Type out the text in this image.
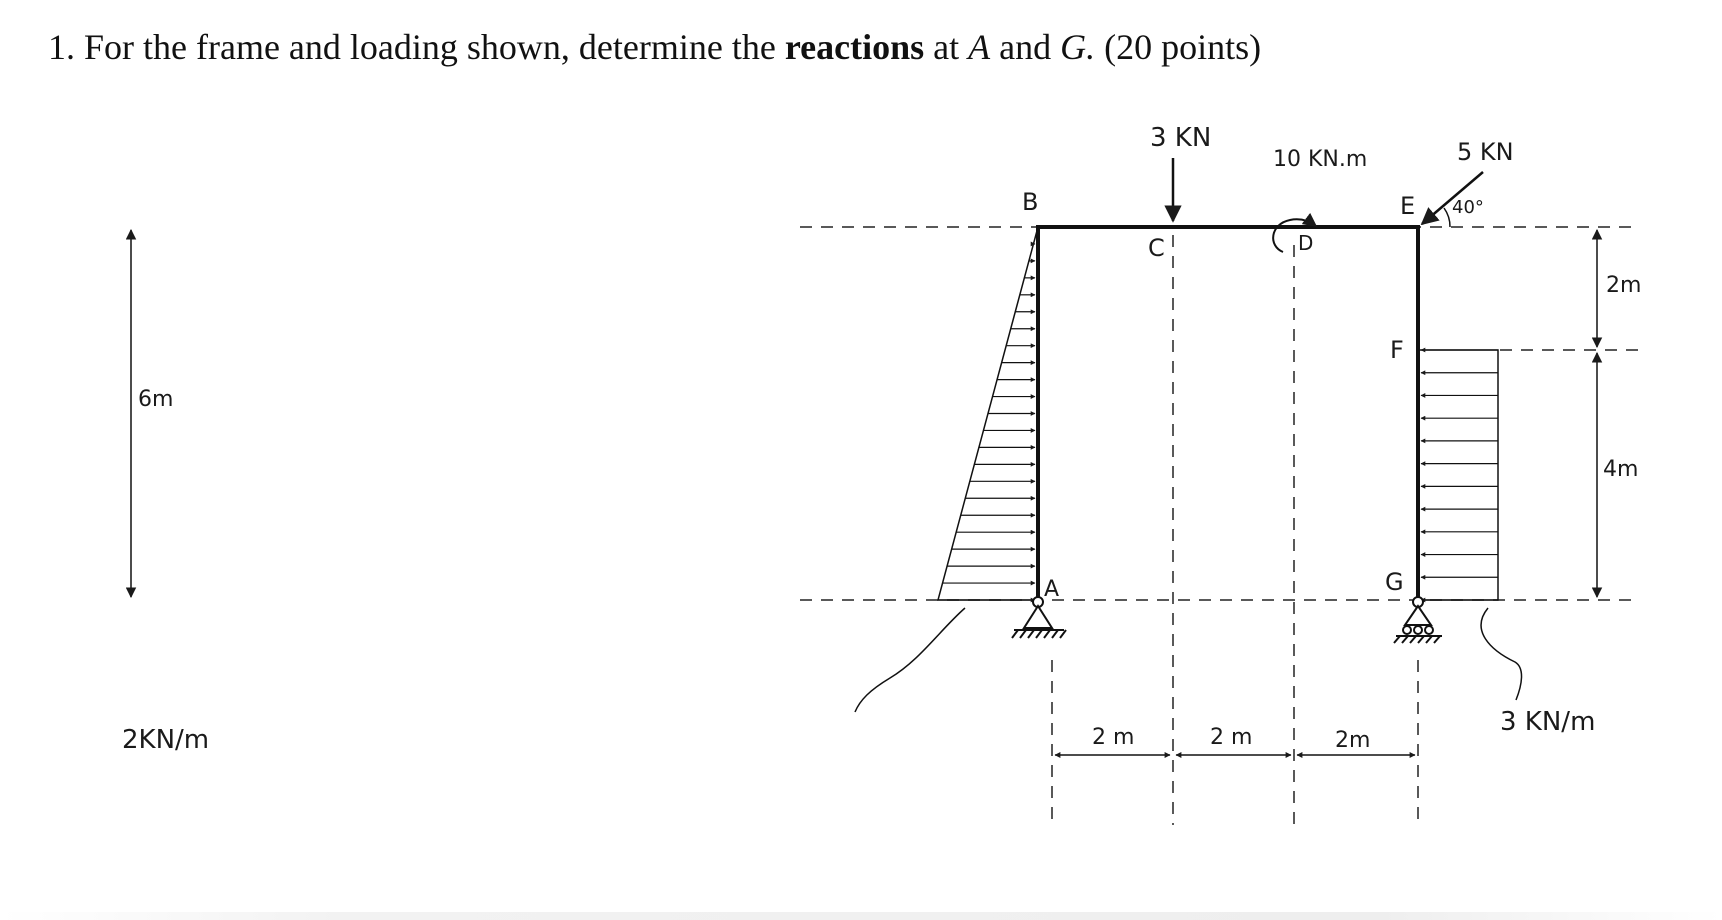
1. For the frame and loading shown, determine the reactions at A and G. (20 points)

3 KN
10 KN.m	5 KN
40°
B
C	D
E
F
G
A
6m
2m
4m
2 m	2 m	2m
2KN/m
3 KN/m
